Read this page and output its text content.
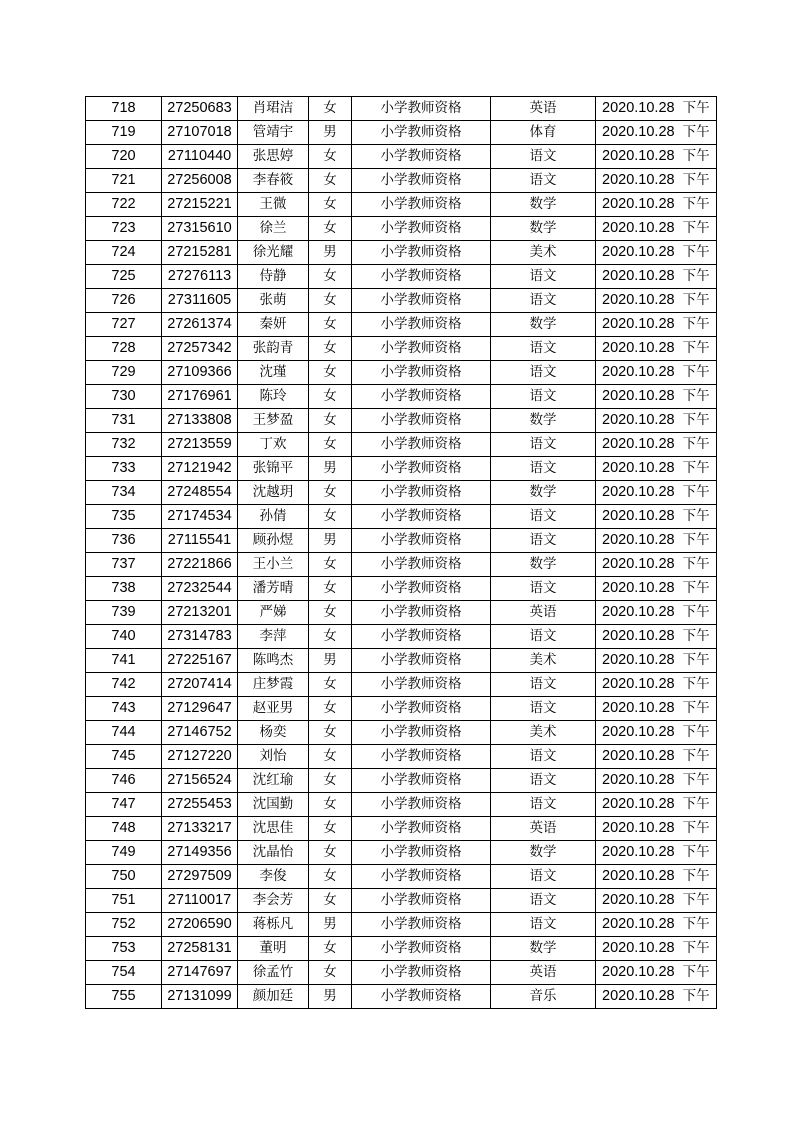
718	27250683	肖珺洁	女	小学教师资格	英语	2020.10.28 下午
719	27107018	管靖宇	男	小学教师资格	体育	2020.10.28 下午
720	27110440	张思婷	女	小学教师资格	语文	2020.10.28 下午
721	27256008	李春筱	女	小学教师资格	语文	2020.10.28 下午
722	27215221	王微	女	小学教师资格	数学	2020.10.28 下午
723	27315610	徐兰	女	小学教师资格	数学	2020.10.28 下午
724	27215281	徐光耀	男	小学教师资格	美术	2020.10.28 下午
725	27276113	侍静	女	小学教师资格	语文	2020.10.28 下午
726	27311605	张萌	女	小学教师资格	语文	2020.10.28 下午
727	27261374	秦妍	女	小学教师资格	数学	2020.10.28 下午
728	27257342	张韵青	女	小学教师资格	语文	2020.10.28 下午
729	27109366	沈瑾	女	小学教师资格	语文	2020.10.28 下午
730	27176961	陈玲	女	小学教师资格	语文	2020.10.28 下午
731	27133808	王梦盈	女	小学教师资格	数学	2020.10.28 下午
732	27213559	丁欢	女	小学教师资格	语文	2020.10.28 下午
733	27121942	张锦平	男	小学教师资格	语文	2020.10.28 下午
734	27248554	沈越玥	女	小学教师资格	数学	2020.10.28 下午
735	27174534	孙倩	女	小学教师资格	语文	2020.10.28 下午
736	27115541	顾孙煜	男	小学教师资格	语文	2020.10.28 下午
737	27221866	王小兰	女	小学教师资格	数学	2020.10.28 下午
738	27232544	潘芳晴	女	小学教师资格	语文	2020.10.28 下午
739	27213201	严娣	女	小学教师资格	英语	2020.10.28 下午
740	27314783	李萍	女	小学教师资格	语文	2020.10.28 下午
741	27225167	陈鸣杰	男	小学教师资格	美术	2020.10.28 下午
742	27207414	庄梦霞	女	小学教师资格	语文	2020.10.28 下午
743	27129647	赵亚男	女	小学教师资格	语文	2020.10.28 下午
744	27146752	杨奕	女	小学教师资格	美术	2020.10.28 下午
745	27127220	刘怡	女	小学教师资格	语文	2020.10.28 下午
746	27156524	沈红瑜	女	小学教师资格	语文	2020.10.28 下午
747	27255453	沈国勤	女	小学教师资格	语文	2020.10.28 下午
748	27133217	沈思佳	女	小学教师资格	英语	2020.10.28 下午
749	27149356	沈晶怡	女	小学教师资格	数学	2020.10.28 下午
750	27297509	李俊	女	小学教师资格	语文	2020.10.28 下午
751	27110017	李会芳	女	小学教师资格	语文	2020.10.28 下午
752	27206590	蒋栎凡	男	小学教师资格	语文	2020.10.28 下午
753	27258131	董明	女	小学教师资格	数学	2020.10.28 下午
754	27147697	徐孟竹	女	小学教师资格	英语	2020.10.28 下午
755	27131099	颜加廷	男	小学教师资格	音乐	2020.10.28 下午
